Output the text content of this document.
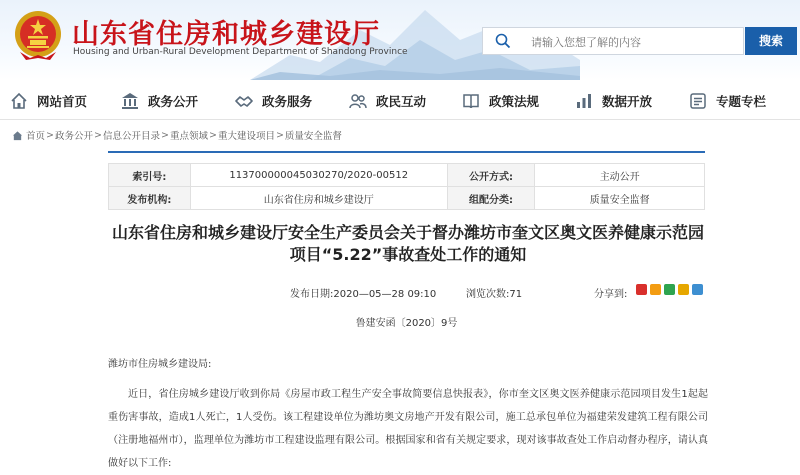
山东省住房和城乡建设厅
Housing and Urban-Rural Development Department of Shandong Province
请输入您想了解的内容
搜索
网站首页	政务公开	政务服务	政民互动	政策法规	数据开放	专题专栏
首页 > 政务公开 > 信息公开目录 > 重点领域 > 重大建设项目 > 质量安全监督
索引号:	11370000004503027​0/2020-00512	公开方式:	主动公开
发布机构:	山东省住房和城乡建设厅	组配分类:	质量安全监督
山东省住房和城乡建设厅安全生产委员会关于督办潍坊市奎文区奥文医养健康示范园项目“5.22”事故查处工作的通知
发布日期:2020—05—28 09:10	浏览次数:71	分享到:
鲁建安函〔2020〕9号
潍坊市住房城乡建设局:
近日，省住房城乡建设厅收到你局《房屋市政工程生产安全事故简要信息快报表》，你市奎文区奥文医养健康示范园项目发生1起起重伤害事故，造成1人死亡，1人受伤。该工程建设单位为潍坊奥文房地产开发有限公司，施工总承包单位为福建荣发建筑工程有限公司（注册地福州市），监理单位为潍坊市工程建设监理有限公司。根据国家和省有关规定要求，现对该事故查处工作启动督办程序，请认真做好以下工作:
